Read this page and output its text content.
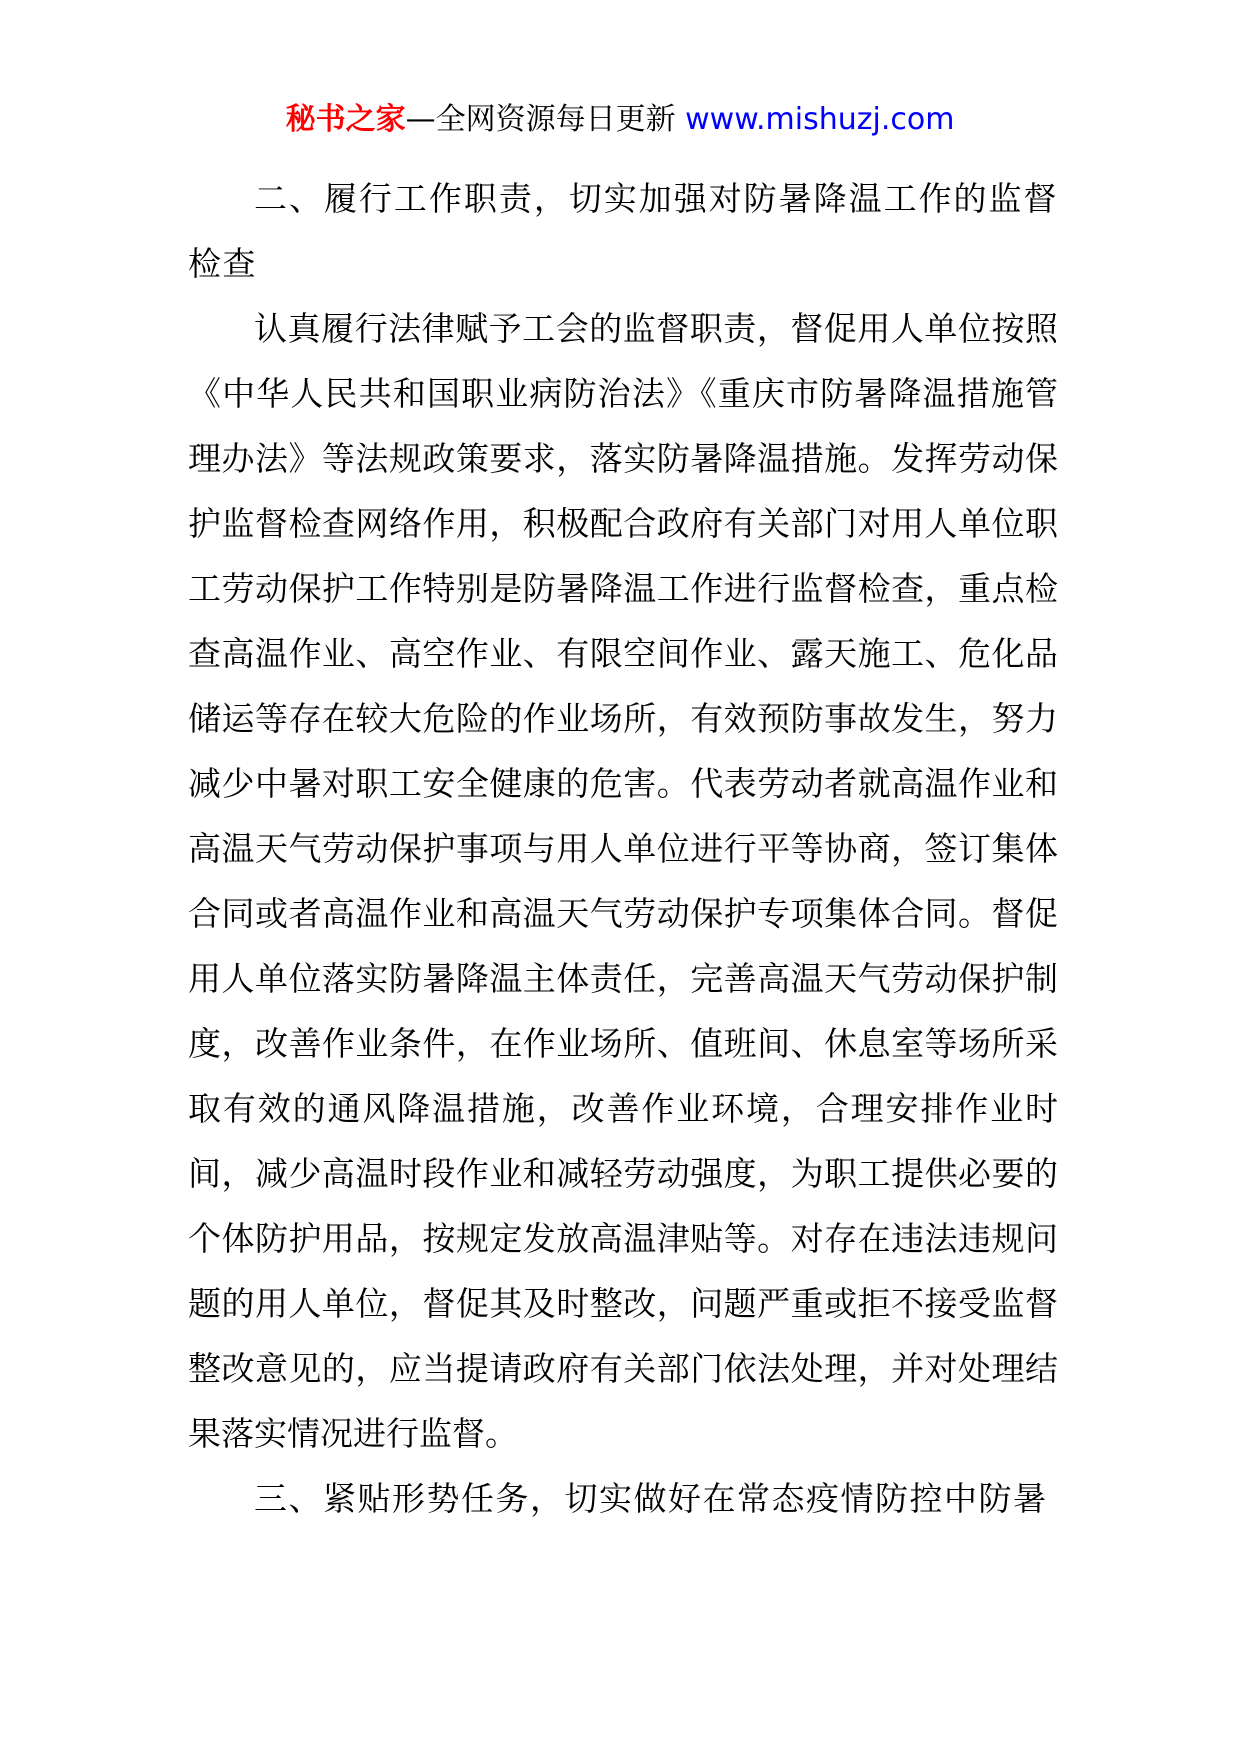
秘书之家—全网资源每日更新 www.mishuzj.com
二、履行工作职责，切实加强对防暑降温工作的监督检查

认真履行法律赋予工会的监督职责，督促用人单位按照《中华人民共和国职业病防治法》《重庆市防暑降温措施管理办法》等法规政策要求，落实防暑降温措施。发挥劳动保护监督检查网络作用，积极配合政府有关部门对用人单位职工劳动保护工作特别是防暑降温工作进行监督检查，重点检查高温作业、高空作业、有限空间作业、露天施工、危化品储运等存在较大危险的作业场所，有效预防事故发生，努力减少中暑对职工安全健康的危害。代表劳动者就高温作业和高温天气劳动保护事项与用人单位进行平等协商，签订集体合同或者高温作业和高温天气劳动保护专项集体合同。督促用人单位落实防暑降温主体责任，完善高温天气劳动保护制度，改善作业条件，在作业场所、值班间、休息室等场所采取有效的通风降温措施，改善作业环境，合理安排作业时间，减少高温时段作业和减轻劳动强度，为职工提供必要的个体防护用品，按规定发放高温津贴等。对存在违法违规问题的用人单位，督促其及时整改，问题严重或拒不接受监督整改意见的，应当提请政府有关部门依法处理，并对处理结果落实情况进行监督。

三、紧贴形势任务，切实做好在常态疫情防控中防暑
